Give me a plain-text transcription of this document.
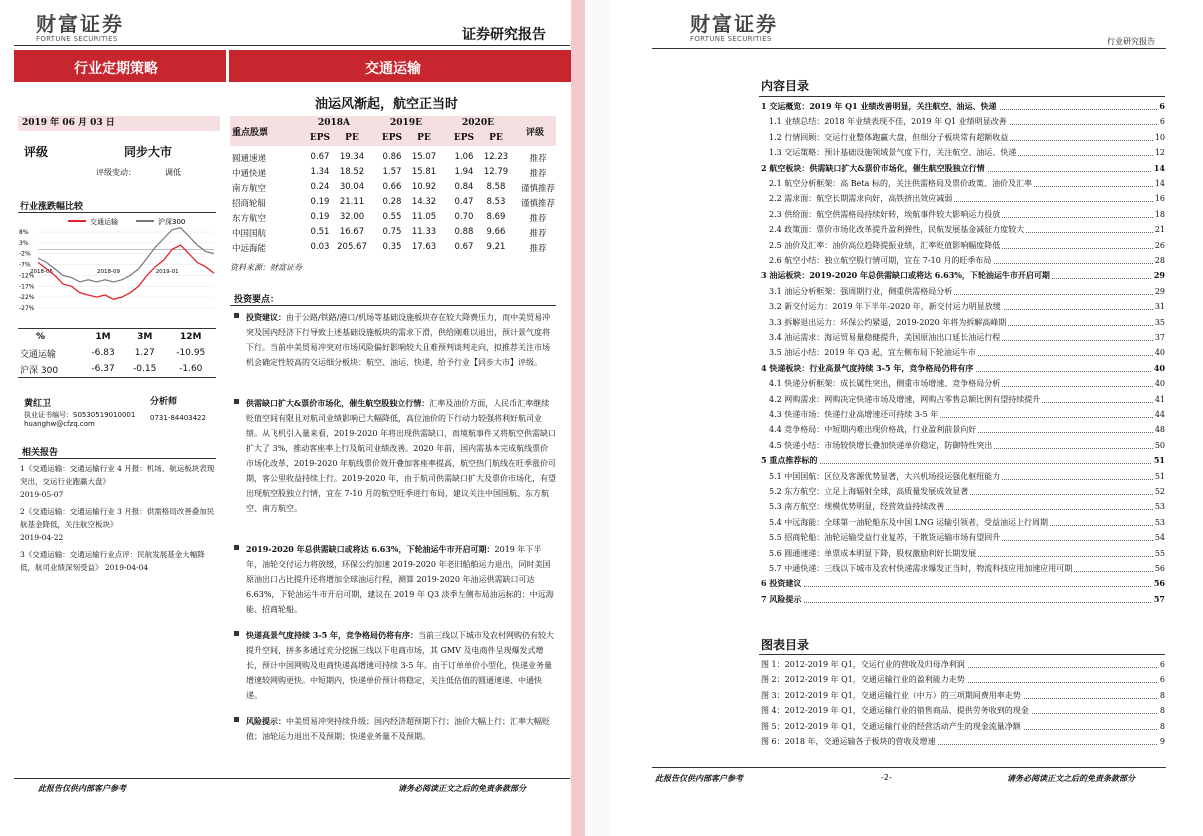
财富证券
FORTUNE SECURITIES	证券研究报告
行业定期策略	交通运输
油运风渐起，航空正当时
2019 年 06 月 03 日
评级	同步大市
评级变动：	调低
行业涨跌幅比较
8%
3%
-2%
-7%
-12%
-17%
-22%
-27%
交通运输	沪深300
2018-05	2018-09	2019-01
%	1M	3M	12M
交通运输	-6.83	1.27	-10.95
沪深 300	-6.37	-0.15	-1.60
黄红卫	分析师
执业证书编号：S0530519010001
huanghw@cfzq.com
0731-84403422
相关报告
1《交通运输：交通运输行业 4 月报：机场、航运板块表现突出，交运行业跑赢大盘》
2019-05-07
2《交通运输：交通运输行业 3 月报：供需格局改善叠加民航基金降低，关注航空板块》
2019-04-22
3《交通运输：交通运输行业点评：民航发展基金大幅降低，航司业绩深刻受益》 2019-04-04
重点股票
2018A	2019E	2020E
评级
EPS	PE	EPS	PE	EPS	PE
圆通速递	0.67	19.34	0.86	15.07	1.06	12.23	推荐
中通快递	1.34	18.52	1.57	15.81	1.94	12.79	推荐
南方航空	0.24	30.04	0.66	10.92	0.84	8.58	谨慎推荐
招商轮船	0.19	21.11	0.28	14.32	0.47	8.53	谨慎推荐
东方航空	0.19	32.00	0.55	11.05	0.70	8.69	推荐
中国国航	0.51	16.67	0.75	11.33	0.88	9.66	推荐
中远海能	0.03 205.67	0.35	17.63	0.67	9.21	推荐
资料来源：财富证券
投资要点：
投资建议：由于公路/铁路/港口/机场等基础设施板块存在较大降费压力，而中美贸易冲突及国内经济下行导致上述基础设施板块的需求下滑，供给刚难以退出，预计景气度将下行。当前中美贸易冲突对市场风险偏好影响较大且难预判谈判走向，拟推荐关注市场机会确定性较高的交运细分板块：航空、油运、快递，给予行业【同步大市】评级。
供需缺口扩大&票价市场化，催生航空股独立行情：汇率及油价方面，人民币汇率继续贬值空间有限且对航司业绩影响已大幅降低，高位油价的下行动力较强将利好航司业绩。从飞机引入量来看，2019-2020 年将出现供需缺口，而境航事件又将航空供需缺口扩大了 3%，推动客座率上行及航司业绩改善。2020 年前，国内需基本完成航线票价市场化改革，2019-2020 年航线票价效开叠加客座率提高，航空热门航线在旺季涨价可期，客公里收益持续上行。2019-2020 年，由于航司供需缺口扩大及票价市场化，有望出现航空股独立行情，宜在 7-10 月的航空旺季进行布局，建议关注中国国航、东方航空、南方航空。
2019-2020 年总供需缺口或将达 6.63%，下轮油运牛市开启可期：2019 年下半年，油轮交付运力将放缓，环保公约加速 2019-2020 年老旧船舶运力退出，同时美国原油出口占比提升还将增加全球油运行程，测算 2019-2020 年油运供需缺口可达 6.63%，下轮油运牛市开启可期，建议在 2019 年 Q3 淡季左侧布局油运标的：中远海能、招商轮船。
快递高景气度持续 3-5 年，竞争格局仍将有序：当前三线以下城市及农村网购仍有较大提升空间，拼多多通过充分挖掘三线以下电商市场，其 GMV 及电商件呈现爆发式增长，预计中国网购及电商快递高增速可持续 3-5 年。由于订单单价小型化，快递业务量增速较网购更快。中短期内，快递单价预计将稳定，关注低估值的圆通速递、中通快递。
风险提示：中美贸易冲突持续升级；国内经济超预期下行；油价大幅上行；汇率大幅贬值；油轮运力退出不及预期；快递业务量不及预期。
此报告仅供内部客户参考	请务必阅读正文之后的免责条款部分
财富证券
FORTUNE SECURITIES	行业研究报告
内容目录
1 交运概览：2019 年 Q1 业绩改善明显，关注航空、油运、快递	6
1.1 业绩总结：2018 年业绩表现不佳，2019 年 Q1 业绩明显改善	6
1.2 行情回顾：交运行业整体跑赢大盘，但细分子板块常有超额收益	10
1.3 交运策略：预计基础设施领域景气度下行，关注航空、油运、快递	12
2 航空板块：供需缺口扩大&票价市场化，催生航空股独立行情	14
2.1 航空分析框架：高 Beta 标的，关注供需格局及票价政策、油价及汇率	14
2.2 需求面：航空长期需求向好，高铁挤出效应减弱	16
2.3 供给面：航空供需格局持续好转，埃航事件较大影响运力投放	18
2.4 政策面：票价市场化改革提升盈利弹性，民航发展基金减征力度较大	21
2.5 油价及汇率：油价高位趋降提振业绩，汇率贬值影响幅度降低	26
2.6 航空小结：独立航空股行情可期，宜在 7-10 月的旺季布局	28
3 油运板块：2019-2020 年总供需缺口或将达 6.63%，下轮油运牛市开启可期	29
3.1 油运分析框架：强周期行业，侧重供需格局分析	29
3.2 新交付运力：2019 年下半年-2020 年，新交付运力明显放缓	31
3.3 拆解退出运力：环保公约紧逼，2019-2020 年将为拆解高峰期	35
3.4 油运需求：海运贸易量稳健提升，美国原油出口延长油运行程	37
3.5 油运小结：2019 年 Q3 起，宜左侧布局下轮油运牛市	40
4 快递板块：行业高景气度持续 3-5 年，竞争格局仍将有序	40
4.1 快递分析框架：成长属性突出，侧重市场增速、竞争格局分析	40
4.2 网购需求：网购决定快递市场及增速，网购占零售总额比例有望持续提升	41
4.3 快递市场：快递行业高增速还可持续 3-5 年	44
4.4 竞争格局：中短期内难出现价格战，行业盈利前景向好	48
4.5 快递小结：市场较快增长叠加快递单价稳定，防御特性突出	50
5 重点推荐标的	51
5.1 中国国航：区位及客源优势显著，大兴机场投运强化枢纽能力	51
5.2 东方航空：立足上海辐射全球，高质量发展成效显著	52
5.3 南方航空：规模优势明显，经营效益持续改善	53
5.4 中远海能：全球第一油轮船东及中国 LNG 运输引领者，受益油运上行周期	53
5.5 招商轮船：油轮运输受益行业复苏，干散货运输市场有望回升	54
5.6 圆通速递：单票成本明显下降，股权激励利好长期发展	55
5.7 中通快递：三线以下城市及农村快递需求爆发正当时，物流科技应用加速应用可期	56
6 投资建议	56
7 风险提示	57
图表目录
图 1：2012-2019 年 Q1，交运行业的营收及归母净利润	6
图 2：2012-2019 年 Q1，交通运输行业的盈利能力走势	6
图 3：2012-2019 年 Q1，交通运输行业（中万）的三项期间费用率走势	8
图 4：2012-2019 年 Q1，交通运输行业的销售商品、提供劳务收到的现金	8
图 5：2012-2019 年 Q1，交通运输行业的经营活动产生的现金流量净额	8
图 6：2018 年，交通运输各子板块的营收及增速	9
此报告仅供内部客户参考	-2-	请务必阅读正文之后的免责条款部分
